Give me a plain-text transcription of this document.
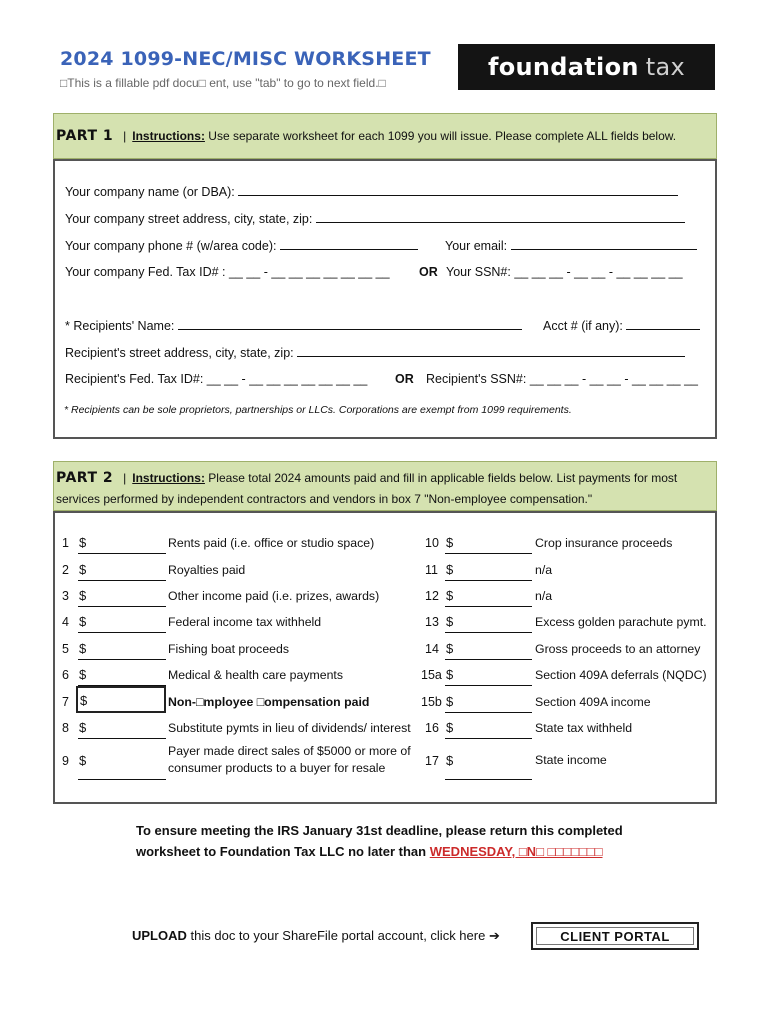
2024 1099-NEC/MISC WORKSHEET
□This is a fillable pdf docu□ ent, use "tab" to go to next field.□
foundation tax
PART 1 | Instructions: Use separate worksheet for each 1099 you will issue. Please complete ALL fields below.
Your company name (or DBA):
Your company street address, city, state, zip:
Your company phone # (w/area code):	Your email:
Your company Fed. Tax ID# : __ __ - __ __ __ __ __ __ __ OR Your SSN#: __ __ __ - __ __ - __ __ __ __
* Recipients' Name:	Acct # (if any):
Recipient's street address, city, state, zip:
Recipient's Fed. Tax ID#: __ __ - __ __ __ __ __ __ __ OR Recipient's SSN#: __ __ __ - __ __ - __ __ __ __
* Recipients can be sole proprietors, partnerships or LLCs. Corporations are exempt from 1099 requirements.
PART 2 | Instructions: Please total 2024 amounts paid and fill in applicable fields below. List payments for most
services performed by independent contractors and vendors in box 7 "Non-employee compensation."
1 $	Rents paid (i.e. office or studio space)
2 $	Royalties paid
3 $	Other income paid (i.e. prizes, awards)
4 $	Federal income tax withheld
5 $	Fishing boat proceeds
6 $	Medical & health care payments
7 $	Non-□mployee □ompensation paid
8 $	Substitute pymts in lieu of dividends/ interest
9 $
Payer made direct sales of $5000 or more of
consumer products to a buyer for resale
10 $	Crop insurance proceeds
11 $	n/a
12 $	n/a
13 $	Excess golden parachute pymt.
14 $	Gross proceeds to an attorney
15a $	Section 409A deferrals (NQDC)
15b $	Section 409A income
16 $	State tax withheld
17 $	State income
To ensure meeting the IRS January 31st deadline, please return this completed
worksheet to Foundation Tax LLC no later than WEDNESDAY, □N□ □□□□□□□
UPLOAD this doc to your ShareFile portal account, click here ➔	CLIENT PORTAL
